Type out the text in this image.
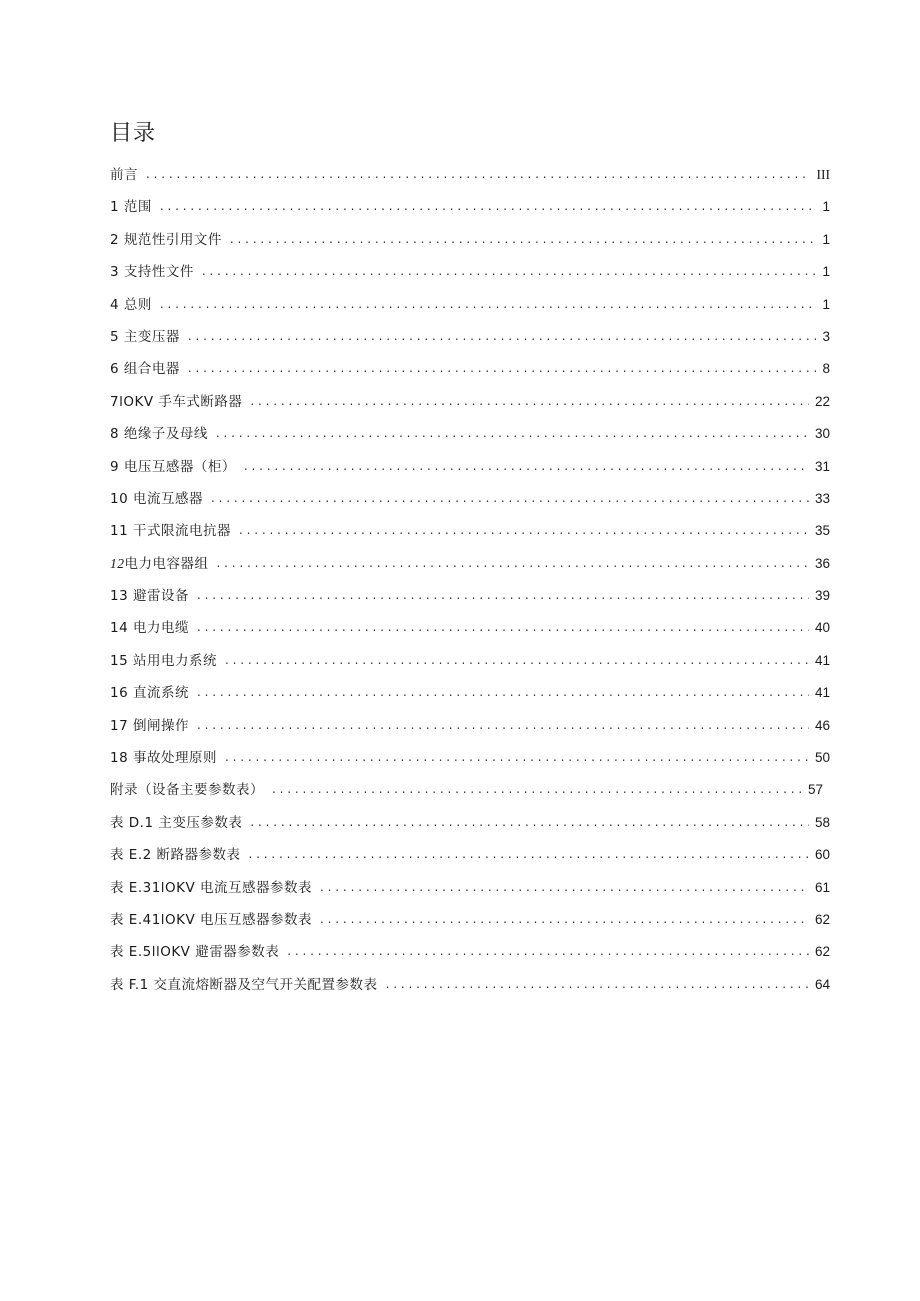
目录
前言 . . .	III
1 范围 . . .	1
2 规范性引用文件 . . .	1
3 支持性文件 . . .	1
4 总则 . . .	1
5 主变压器 . . .	3
6 组合电器 . . .	8
7lOKV 手车式断路器 . . .	22
8 绝缘子及母线 . . .	30
9 电压互感器（柜） . . .	31
10 电流互感器 . . .	33
11 干式限流电抗器 . . .	35
12电力电容器组 . . .	36
13 避雷设备 . . .	39
14 电力电缆 . . .	40
15 站用电力系统 . . .	41
16 直流系统 . . .	41
17 倒闸操作 . . .	46
18 事故处理原则 . . .	50
附录（设备主要参数表） . . .	57
表 D.1 主变压参数表 . . .	58
表 E.2 断路器参数表 . . .	60
表 E.31lOKV 电流互感器参数表 . . .	61
表 E.41lOKV 电压互感器参数表 . . .	62
表 E.5llOKV 避雷器参数表 . . .	62
表 F.1 交直流熔断器及空气开关配置参数表 . . .	64
